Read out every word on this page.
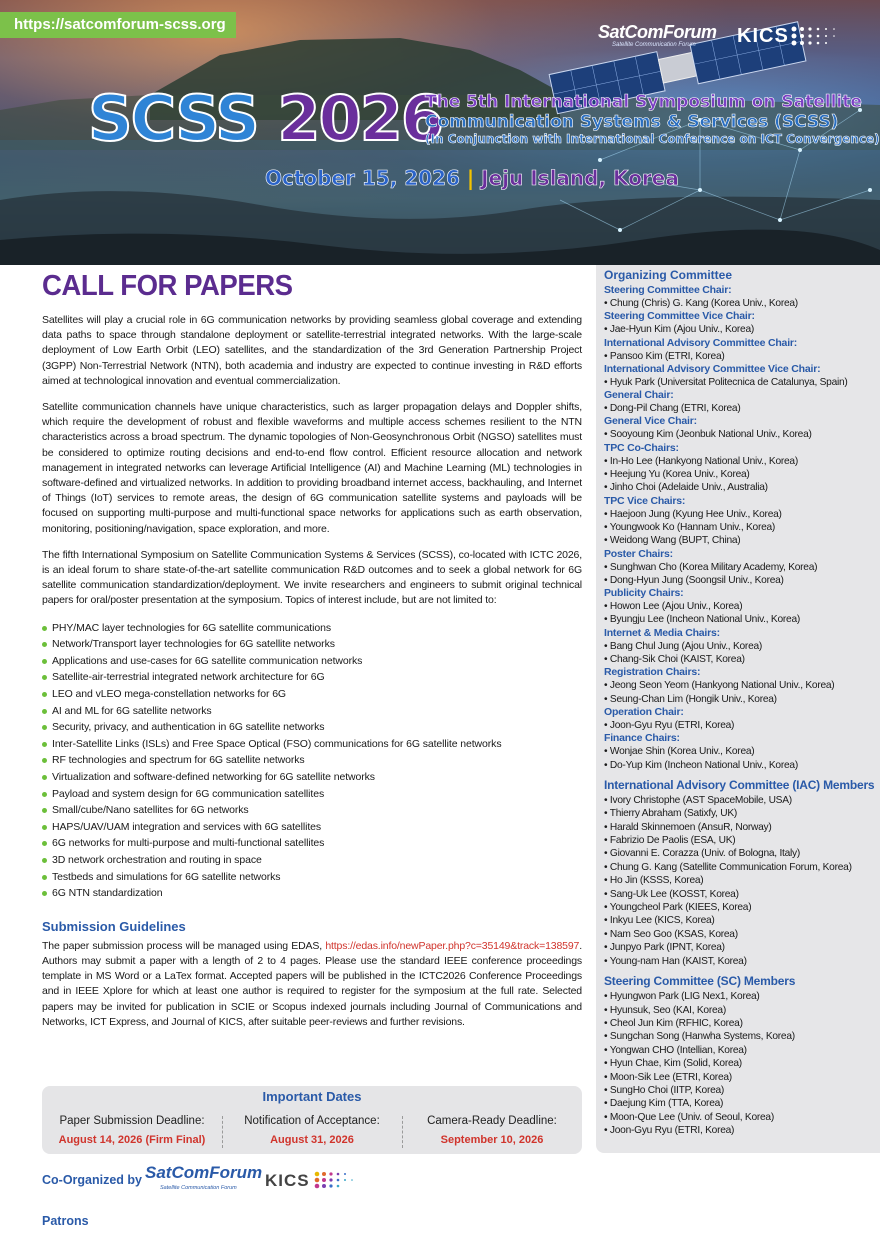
https://satcomforum-scss.org	SatComForum
Satellite Communication Forum KICS
SCSS 2026
The 5th International Symposium on Satellite
Communication Systems & Services (SCSS)
(In Conjunction with International Conference on ICT Convergence)
October 15, 2026 | Jeju Island, Korea
CALL FOR PAPERS

Satellites will play a crucial role in 6G communication networks by providing seamless global coverage and extending data paths to space through standalone deployment or satellite-terrestrial integrated networks. With the large-scale deployment of Low Earth Orbit (LEO) satellites, and the standardization of the 3rd Generation Partnership Project (3GPP) Non-Terrestrial Network (NTN), both academia and industry are expected to continue investing in R&D efforts aimed at technological innovation and eventual commercialization.

Satellite communication channels have unique characteristics, such as larger propagation delays and Doppler shifts, which require the development of robust and flexible waveforms and multiple access schemes resilient to the NTN characteristics across a broad spectrum. The dynamic topologies of Non-Geosynchronous Orbit (NGSO) satellites must be considered to optimize routing decisions and end-to-end flow control. Efficient resource allocation and network management in integrated networks can leverage Artificial Intelligence (AI) and Machine Learning (ML) technologies in software-defined and virtualized networks. In addition to providing broadband internet access, backhauling, and Internet of Things (IoT) services to remote areas, the design of 6G communication satellite systems and payloads will be focused on supporting multi-purpose and multi-functional space networks for applications such as earth observation, monitoring, positioning/navigation, space exploration, and more.

The fifth International Symposium on Satellite Communication Systems & Services (SCSS), co-located with ICTC 2026, is an ideal forum to share state-of-the-art satellite communication R&D outcomes and to seek a global network for 6G satellite communication standardization/deployment. We invite researchers and engineers to submit original technical papers for oral/poster presentation at the symposium. Topics of interest include, but are not limited to:

PHY/MAC layer technologies for 6G satellite communications
Network/Transport layer technologies for 6G satellite networks
Applications and use-cases for 6G satellite communication networks
Satellite-air-terrestrial integrated network architecture for 6G
LEO and vLEO mega-constellation networks for 6G
AI and ML for 6G satellite networks
Security, privacy, and authentication in 6G satellite networks
Inter-Satellite Links (ISLs) and Free Space Optical (FSO) communications for 6G satellite networks
RF technologies and spectrum for 6G satellite networks
Virtualization and software-defined networking for 6G satellite networks
Payload and system design for 6G communication satellites
Small/cube/Nano satellites for 6G networks
HAPS/UAV/UAM integration and services with 6G satellites
6G networks for multi-purpose and multi-functional satellites
3D network orchestration and routing in space
Testbeds and simulations for 6G satellite networks
6G NTN standardization
Submission Guidelines

The paper submission process will be managed using EDAS, https://edas.info/newPaper.php?c=35149&track=138597. Authors may submit a paper with a length of 2 to 4 pages. Please use the standard IEEE conference proceedings template in MS Word or a LaTex format. Accepted papers will be published in the ICTC2026 Conference Proceedings and in IEEE Xplore for which at least one author is required to register for the symposium at the full rate. Selected papers may be invited for publication in SCIE or Scopus indexed journals including Journal of Communications and Networks, ICT Express, and Journal of KICS, after suitable peer-reviews and further revisions.

Important Dates
Paper Submission Deadline:
August 14, 2026 (Firm Final)
Notification of Acceptance:
August 31, 2026
Camera-Ready Deadline:
September 10, 2026
Co-Organized by SatComForum
Satellite Communication Forum KICS
Patrons
Organizing Committee
Steering Committee Chair:
• Chung (Chris) G. Kang (Korea Univ., Korea)
Steering Committee Vice Chair:
• Jae-Hyun Kim (Ajou Univ., Korea)
International Advisory Committee Chair:
• Pansoo Kim (ETRI, Korea)
International Advisory Committee Vice Chair:
• Hyuk Park (Universitat Politecnica de Catalunya, Spain)
General Chair:
• Dong-Pil Chang (ETRI, Korea)
General Vice Chair:
• Sooyoung Kim (Jeonbuk National Univ., Korea)
TPC Co-Chairs:
• In-Ho Lee (Hankyong National Univ., Korea)
• Heejung Yu (Korea Univ., Korea)
• Jinho Choi (Adelaide Univ., Australia)
TPC Vice Chairs:
• Haejoon Jung (Kyung Hee Univ., Korea)
• Youngwook Ko (Hannam Univ., Korea)
• Weidong Wang (BUPT, China)
Poster Chairs:
• Sunghwan Cho (Korea Military Academy, Korea)
• Dong-Hyun Jung (Soongsil Univ., Korea)
Publicity Chairs:
• Howon Lee (Ajou Univ., Korea)
• Byungju Lee (Incheon National Univ., Korea)
Internet & Media Chairs:
• Bang Chul Jung (Ajou Univ., Korea)
• Chang-Sik Choi (KAIST, Korea)
Registration Chairs:
• Jeong Seon Yeom (Hankyong National Univ., Korea)
• Seung-Chan Lim (Hongik Univ., Korea)
Operation Chair:
• Joon-Gyu Ryu (ETRI, Korea)
Finance Chairs:
• Wonjae Shin (Korea Univ., Korea)
• Do-Yup Kim (Incheon National Univ., Korea)
International Advisory Committee (IAC) Members
• Ivory Christophe (AST SpaceMobile, USA)
• Thierry Abraham (Satixfy, UK)
• Harald Skinnemoen (AnsuR, Norway)
• Fabrizio De Paolis (ESA, UK)
• Giovanni E. Corazza (Univ. of Bologna, Italy)
• Chung G. Kang (Satellite Communication Forum, Korea)
• Ho Jin (KSSS, Korea)
• Sang-Uk Lee (KOSST, Korea)
• Youngcheol Park (KIEES, Korea)
• Inkyu Lee (KICS, Korea)
• Nam Seo Goo (KSAS, Korea)
• Junpyo Park (IPNT, Korea)
• Young-nam Han (KAIST, Korea)
Steering Committee (SC) Members
• Hyungwon Park (LIG Nex1, Korea)
• Hyunsuk, Seo (KAI, Korea)
• Cheol Jun Kim (RFHIC, Korea)
• Sungchan Song (Hanwha Systems, Korea)
• Yongwan CHO (Intellian, Korea)
• Hyun Chae, Kim (Solid, Korea)
• Moon-Sik Lee (ETRI, Korea)
• SungHo Choi (IITP, Korea)
• Daejung Kim (TTA, Korea)
• Moon-Que Lee (Univ. of Seoul, Korea)
• Joon-Gyu Ryu (ETRI, Korea)
